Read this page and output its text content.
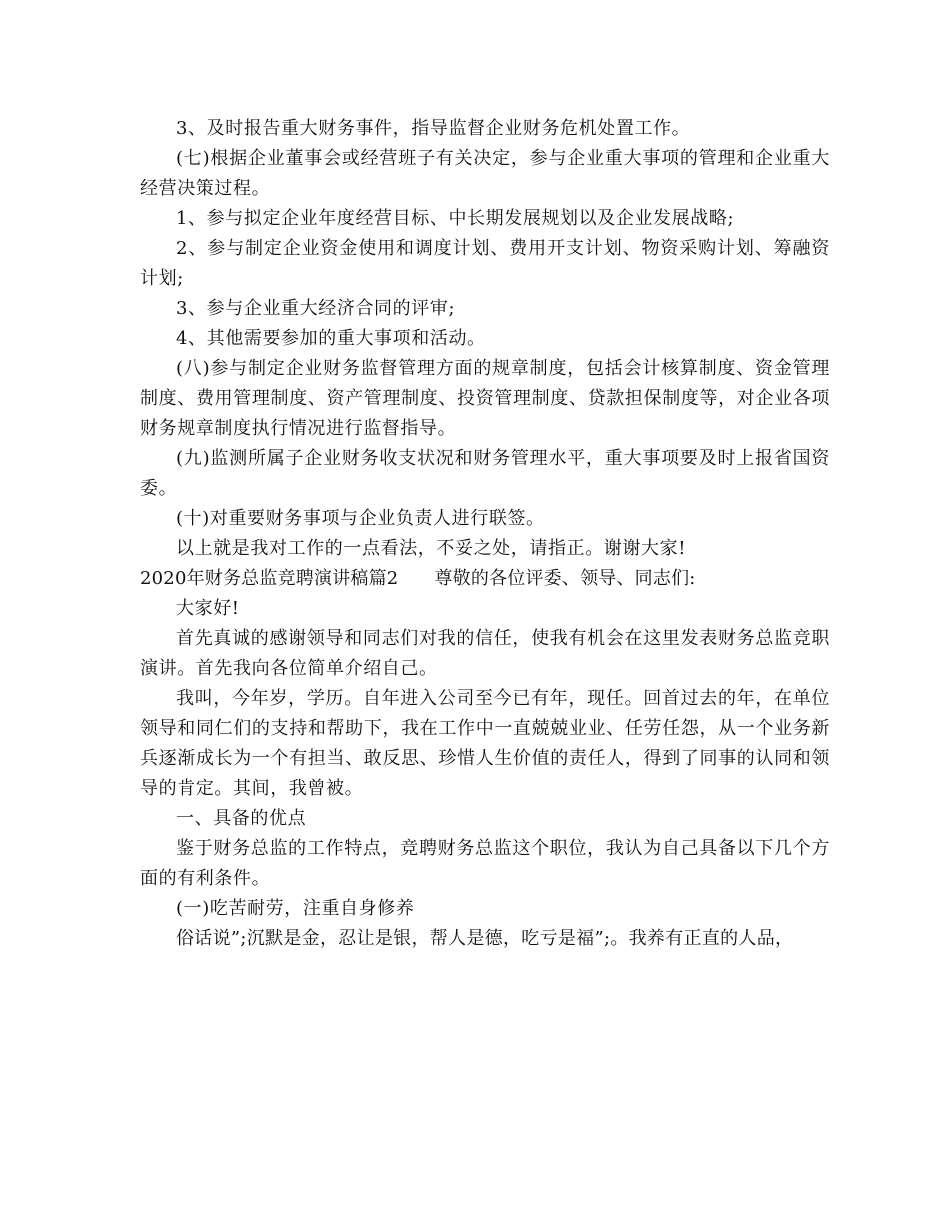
3、及时报告重大财务事件，指导监督企业财务危机处置工作。

(七)根据企业董事会或经营班子有关决定，参与企业重大事项的管理和企业重大经营决策过程。

1、参与拟定企业年度经营目标、中长期发展规划以及企业发展战略;

2、参与制定企业资金使用和调度计划、费用开支计划、物资采购计划、筹融资计划;

3、参与企业重大经济合同的评审;

4、其他需要参加的重大事项和活动。

(八)参与制定企业财务监督管理方面的规章制度，包括会计核算制度、资金管理制度、费用管理制度、资产管理制度、投资管理制度、贷款担保制度等，对企业各项财务规章制度执行情况进行监督指导。

(九)监测所属子企业财务收支状况和财务管理水平，重大事项要及时上报省国资委。

(十)对重要财务事项与企业负责人进行联签。

以上就是我对工作的一点看法，不妥之处，请指正。谢谢大家!

2020年财务总监竞聘演讲稿篇2 尊敬的各位评委、领导、同志们:

大家好!

首先真诚的感谢领导和同志们对我的信任，使我有机会在这里发表财务总监竞职演讲。首先我向各位简单介绍自己。

我叫，今年岁，学历。自年进入公司至今已有年，现任。回首过去的年，在单位领导和同仁们的支持和帮助下，我在工作中一直兢兢业业、任劳任怨，从一个业务新兵逐渐成长为一个有担当、敢反思、珍惜人生价值的责任人，得到了同事的认同和领导的肯定。其间，我曾被。

一、具备的优点

鉴于财务总监的工作特点，竞聘财务总监这个职位，我认为自己具备以下几个方面的有利条件。

(一)吃苦耐劳，注重自身修养

俗话说”;沉默是金，忍让是银，帮人是德，吃亏是福”;。我养有正直的人品，
